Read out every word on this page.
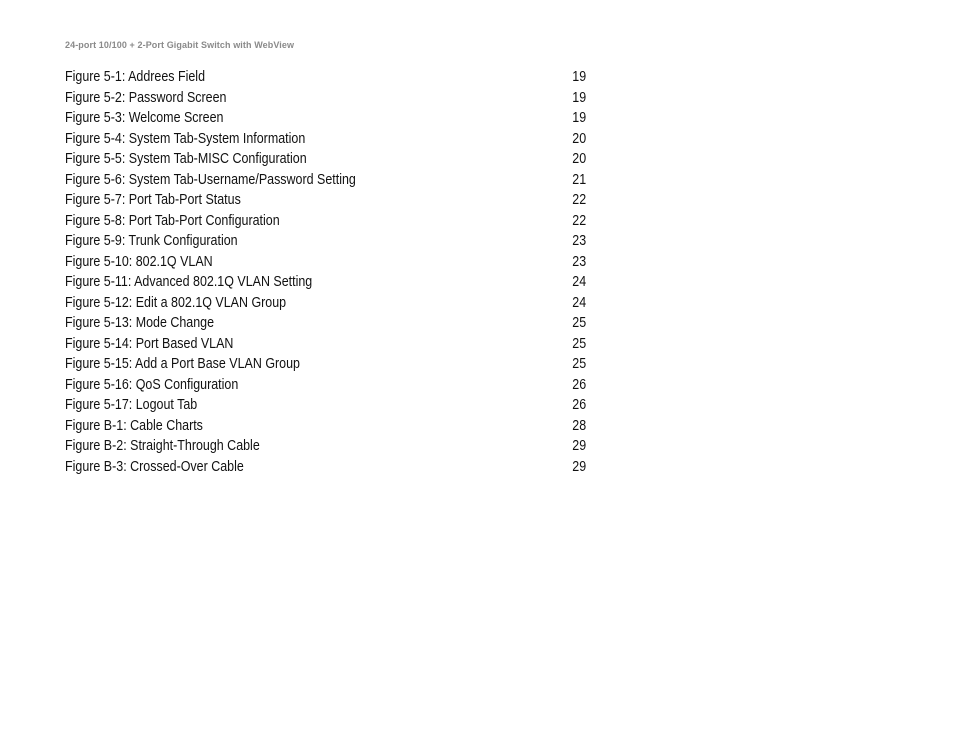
24-port 10/100 + 2-Port Gigabit Switch with WebView
Figure 5-1: Addrees Field	19
Figure 5-2: Password Screen	19
Figure 5-3: Welcome Screen	19
Figure 5-4: System Tab-System Information	20
Figure 5-5: System Tab-MISC Configuration	20
Figure 5-6: System Tab-Username/Password Setting	21
Figure 5-7: Port Tab-Port Status	22
Figure 5-8: Port Tab-Port Configuration	22
Figure 5-9: Trunk Configuration	23
Figure 5-10: 802.1Q VLAN	23
Figure 5-11: Advanced 802.1Q VLAN Setting	24
Figure 5-12: Edit a 802.1Q VLAN Group	24
Figure 5-13: Mode Change	25
Figure 5-14: Port Based VLAN	25
Figure 5-15: Add a Port Base VLAN Group	25
Figure 5-16: QoS Configuration	26
Figure 5-17: Logout Tab	26
Figure B-1: Cable Charts	28
Figure B-2: Straight-Through Cable	29
Figure B-3: Crossed-Over Cable	29
